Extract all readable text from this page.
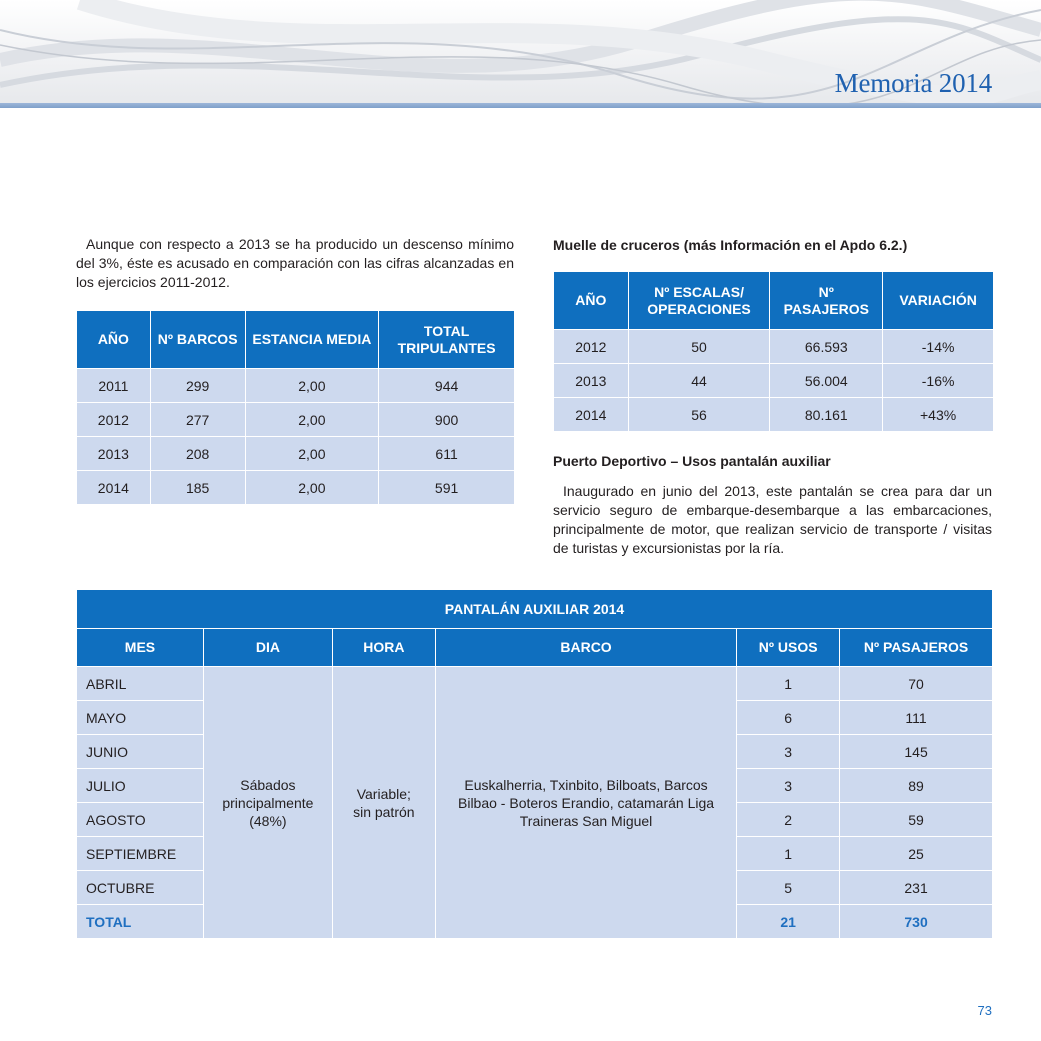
Memoria 2014

Aunque con respecto a 2013 se ha producido un descenso mínimo del 3%, éste es acusado en comparación con las cifras alcanzadas en los ejercicios 2011-2012.

AÑO	Nº BARCOS	ESTANCIA MEDIA	TOTAL TRIPULANTES
2011	299	2,00	944
2012	277	2,00	900
2013	208	2,00	611
2014	185	2,00	591

Muelle de cruceros (más Información en el Apdo 6.2.)

AÑO	Nº ESCALAS/ OPERACIONES	Nº PASAJEROS	VARIACIÓN
2012	50	66.593	-14%
2013	44	56.004	-16%
2014	56	80.161	+43%

Puerto Deportivo – Usos pantalán auxiliar

Inaugurado en junio del 2013, este pantalán se crea para dar un servicio seguro de embarque-desembarque a las embarcaciones, principalmente de motor, que realizan servicio de transporte / visitas de turistas y excursionistas por la ría.

PANTALÁN AUXILIAR 2014					
MES	DIA	HORA	BARCO	Nº USOS	Nº PASAJEROS
ABRIL	Sábados principalmente (48%)	Variable; sin patrón	Euskalherria, Txinbito, Bilboats, Barcos Bilbao - Boteros Erandio, catamarán Liga Traineras San Miguel	1	70
MAYO				6	111
JUNIO				3	145
JULIO				3	89
AGOSTO				2	59
SEPTIEMBRE				1	25
OCTUBRE				5	231
TOTAL				21	730
73
